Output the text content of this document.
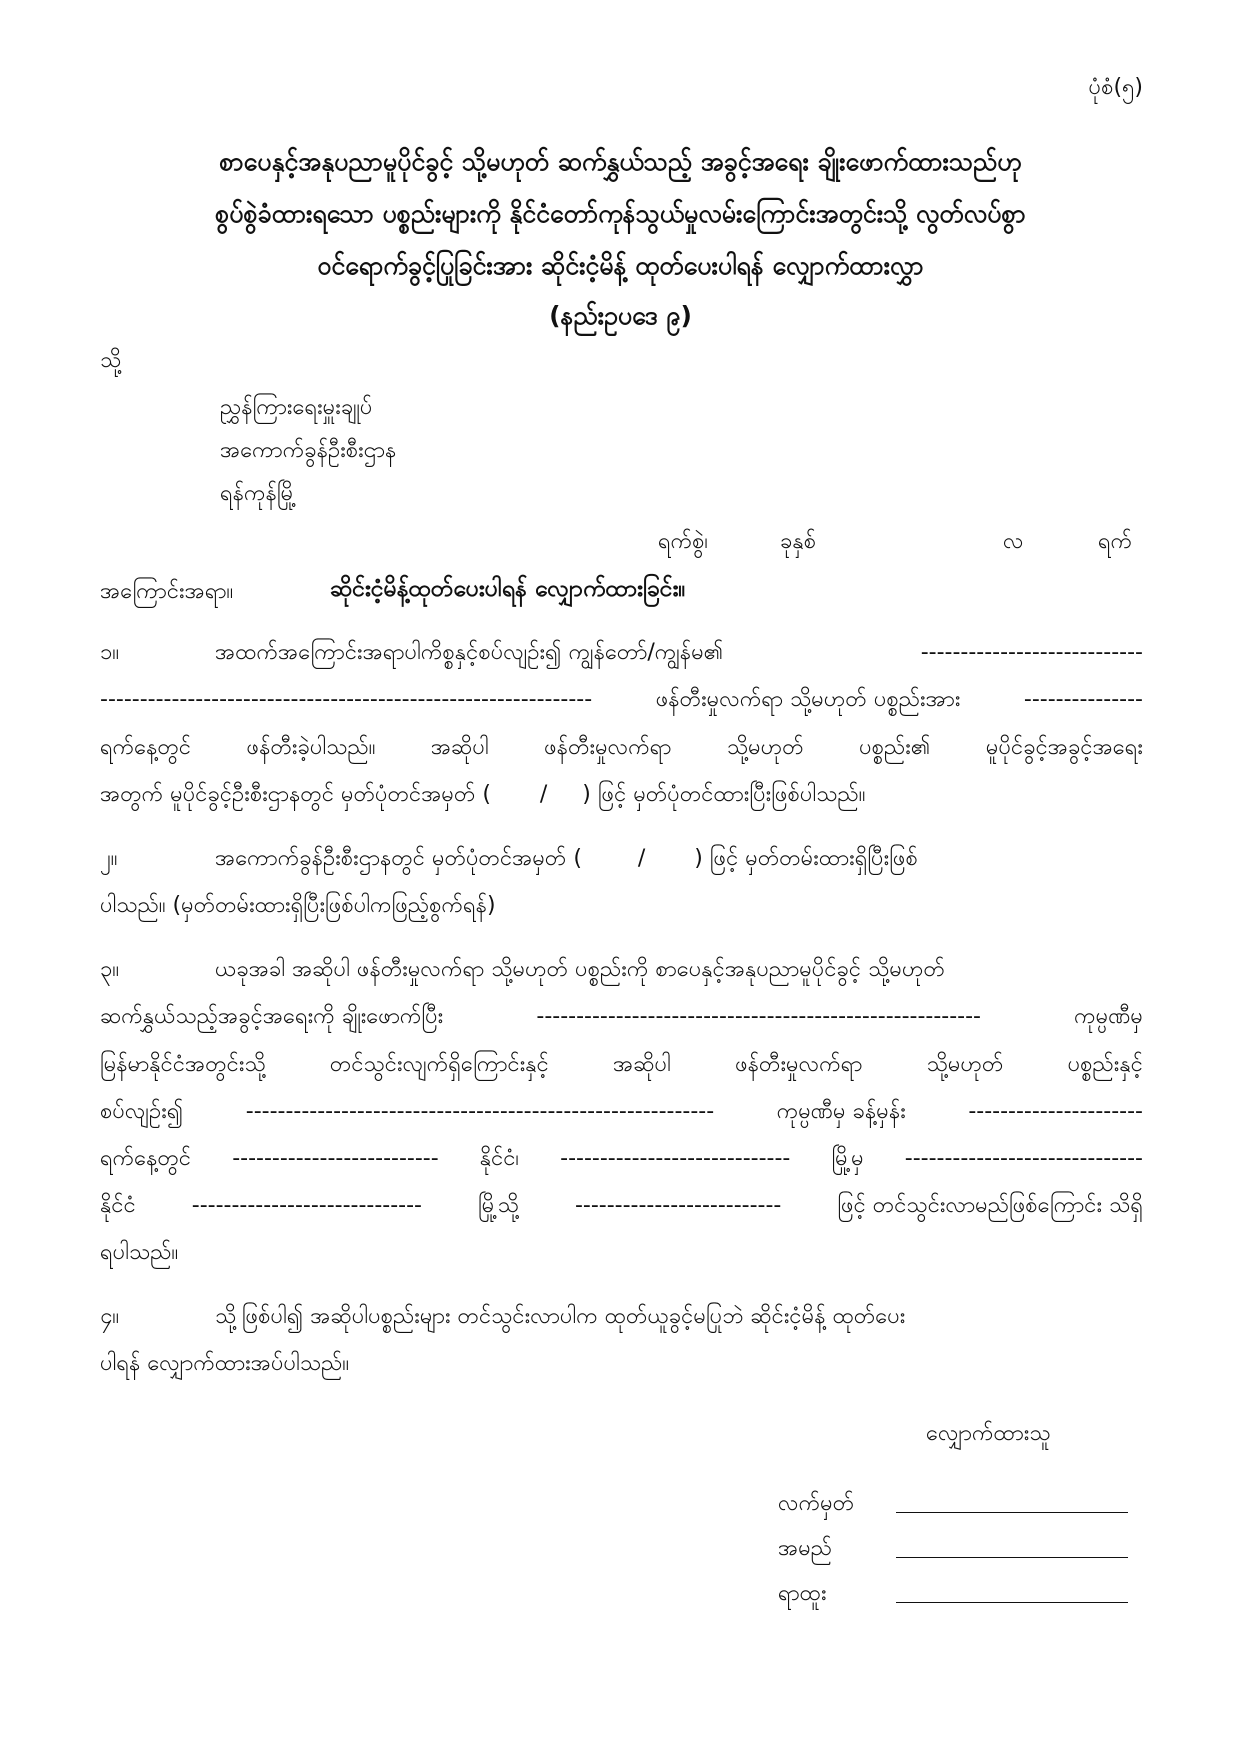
ပုံစံ(၅)
စာပေနှင့်အနုပညာမူပိုင်ခွင့် သို့မဟုတ် ဆက်နွှယ်သည့် အခွင့်အရေး ချိုးဖောက်ထားသည်ဟု
စွပ်စွဲခံထားရသော ပစ္စည်းများကို နိုင်ငံတော်ကုန်သွယ်မှုလမ်းကြောင်းအတွင်းသို့ လွတ်လပ်စွာ
ဝင်ရောက်ခွင့်ပြုခြင်းအား ဆိုင်းငံ့မိန့် ထုတ်ပေးပါရန် လျှောက်ထားလွှာ
(နည်းဥပဒေ ၉)
သို့
ညွှန်ကြားရေးမှူးချုပ်
အကောက်ခွန်ဦးစီးဌာန
ရန်ကုန်မြို့
ရက်စွဲ၊	ခုနှစ်	လ	ရက်
အကြောင်းအရာ။	ဆိုင်းငံ့မိန့်ထုတ်ပေးပါရန် လျှောက်ထားခြင်း။
၁။	အထက်အကြောင်းအရာပါကိစ္စနှင့်စပ်လျဉ်း၍ ကျွန်တော်/ကျွန်မ၏	----------------------------
--------------------------------------------------------------	ဖန်တီးမှုလက်ရာ သို့မဟုတ် ပစ္စည်းအား	---------------
ရက်နေ့တွင်	ဖန်တီးခဲ့ပါသည်။	အဆိုပါ	ဖန်တီးမှုလက်ရာ	သို့မဟုတ်	ပစ္စည်း၏	မူပိုင်ခွင့်အခွင့်အရေး
အတွက် မူပိုင်ခွင့်ဦးစီးဌာနတွင် မှတ်ပုံတင်အမှတ် (       /     ) ဖြင့် မှတ်ပုံတင်ထားပြီးဖြစ်ပါသည်။
၂။	အကောက်ခွန်ဦးစီးဌာနတွင် မှတ်ပုံတင်အမှတ် (        /       ) ဖြင့် မှတ်တမ်းထားရှိပြီးဖြစ်
ပါသည်။ (မှတ်တမ်းထားရှိပြီးဖြစ်ပါကဖြည့်စွက်ရန်)
၃။	ယခုအခါ အဆိုပါ ဖန်တီးမှုလက်ရာ သို့မဟုတ် ပစ္စည်းကို စာပေနှင့်အနုပညာမူပိုင်ခွင့် သို့မဟုတ်
ဆက်နွှယ်သည့်အခွင့်အရေးကို ချိုးဖောက်ပြီး	--------------------------------------------------------	ကုမ္ပဏီမှ
မြန်မာနိုင်ငံအတွင်းသို့	တင်သွင်းလျက်ရှိကြောင်းနှင့်	အဆိုပါ	ဖန်တီးမှုလက်ရာ	သို့မဟုတ်	ပစ္စည်းနှင့်
စပ်လျဉ်း၍	-----------------------------------------------------------	ကုမ္ပဏီမှ ခန့်မှန်း	----------------------
ရက်နေ့တွင် -------------------------- နိုင်ငံ၊ ----------------------------- မြို့မှ ------------------------------
နိုင်ငံ	-----------------------------	မြို့သို့	--------------------------	ဖြင့် တင်သွင်းလာမည်ဖြစ်ကြောင်း သိရှိ
ရပါသည်။
၄။	သို့ဖြစ်ပါ၍ အဆိုပါပစ္စည်းများ တင်သွင်းလာပါက ထုတ်ယူခွင့်မပြုဘဲ ဆိုင်းငံ့မိန့် ထုတ်ပေး
ပါရန် လျှောက်ထားအပ်ပါသည်။
လျှောက်ထားသူ
လက်မှတ်
အမည်
ရာထူး
